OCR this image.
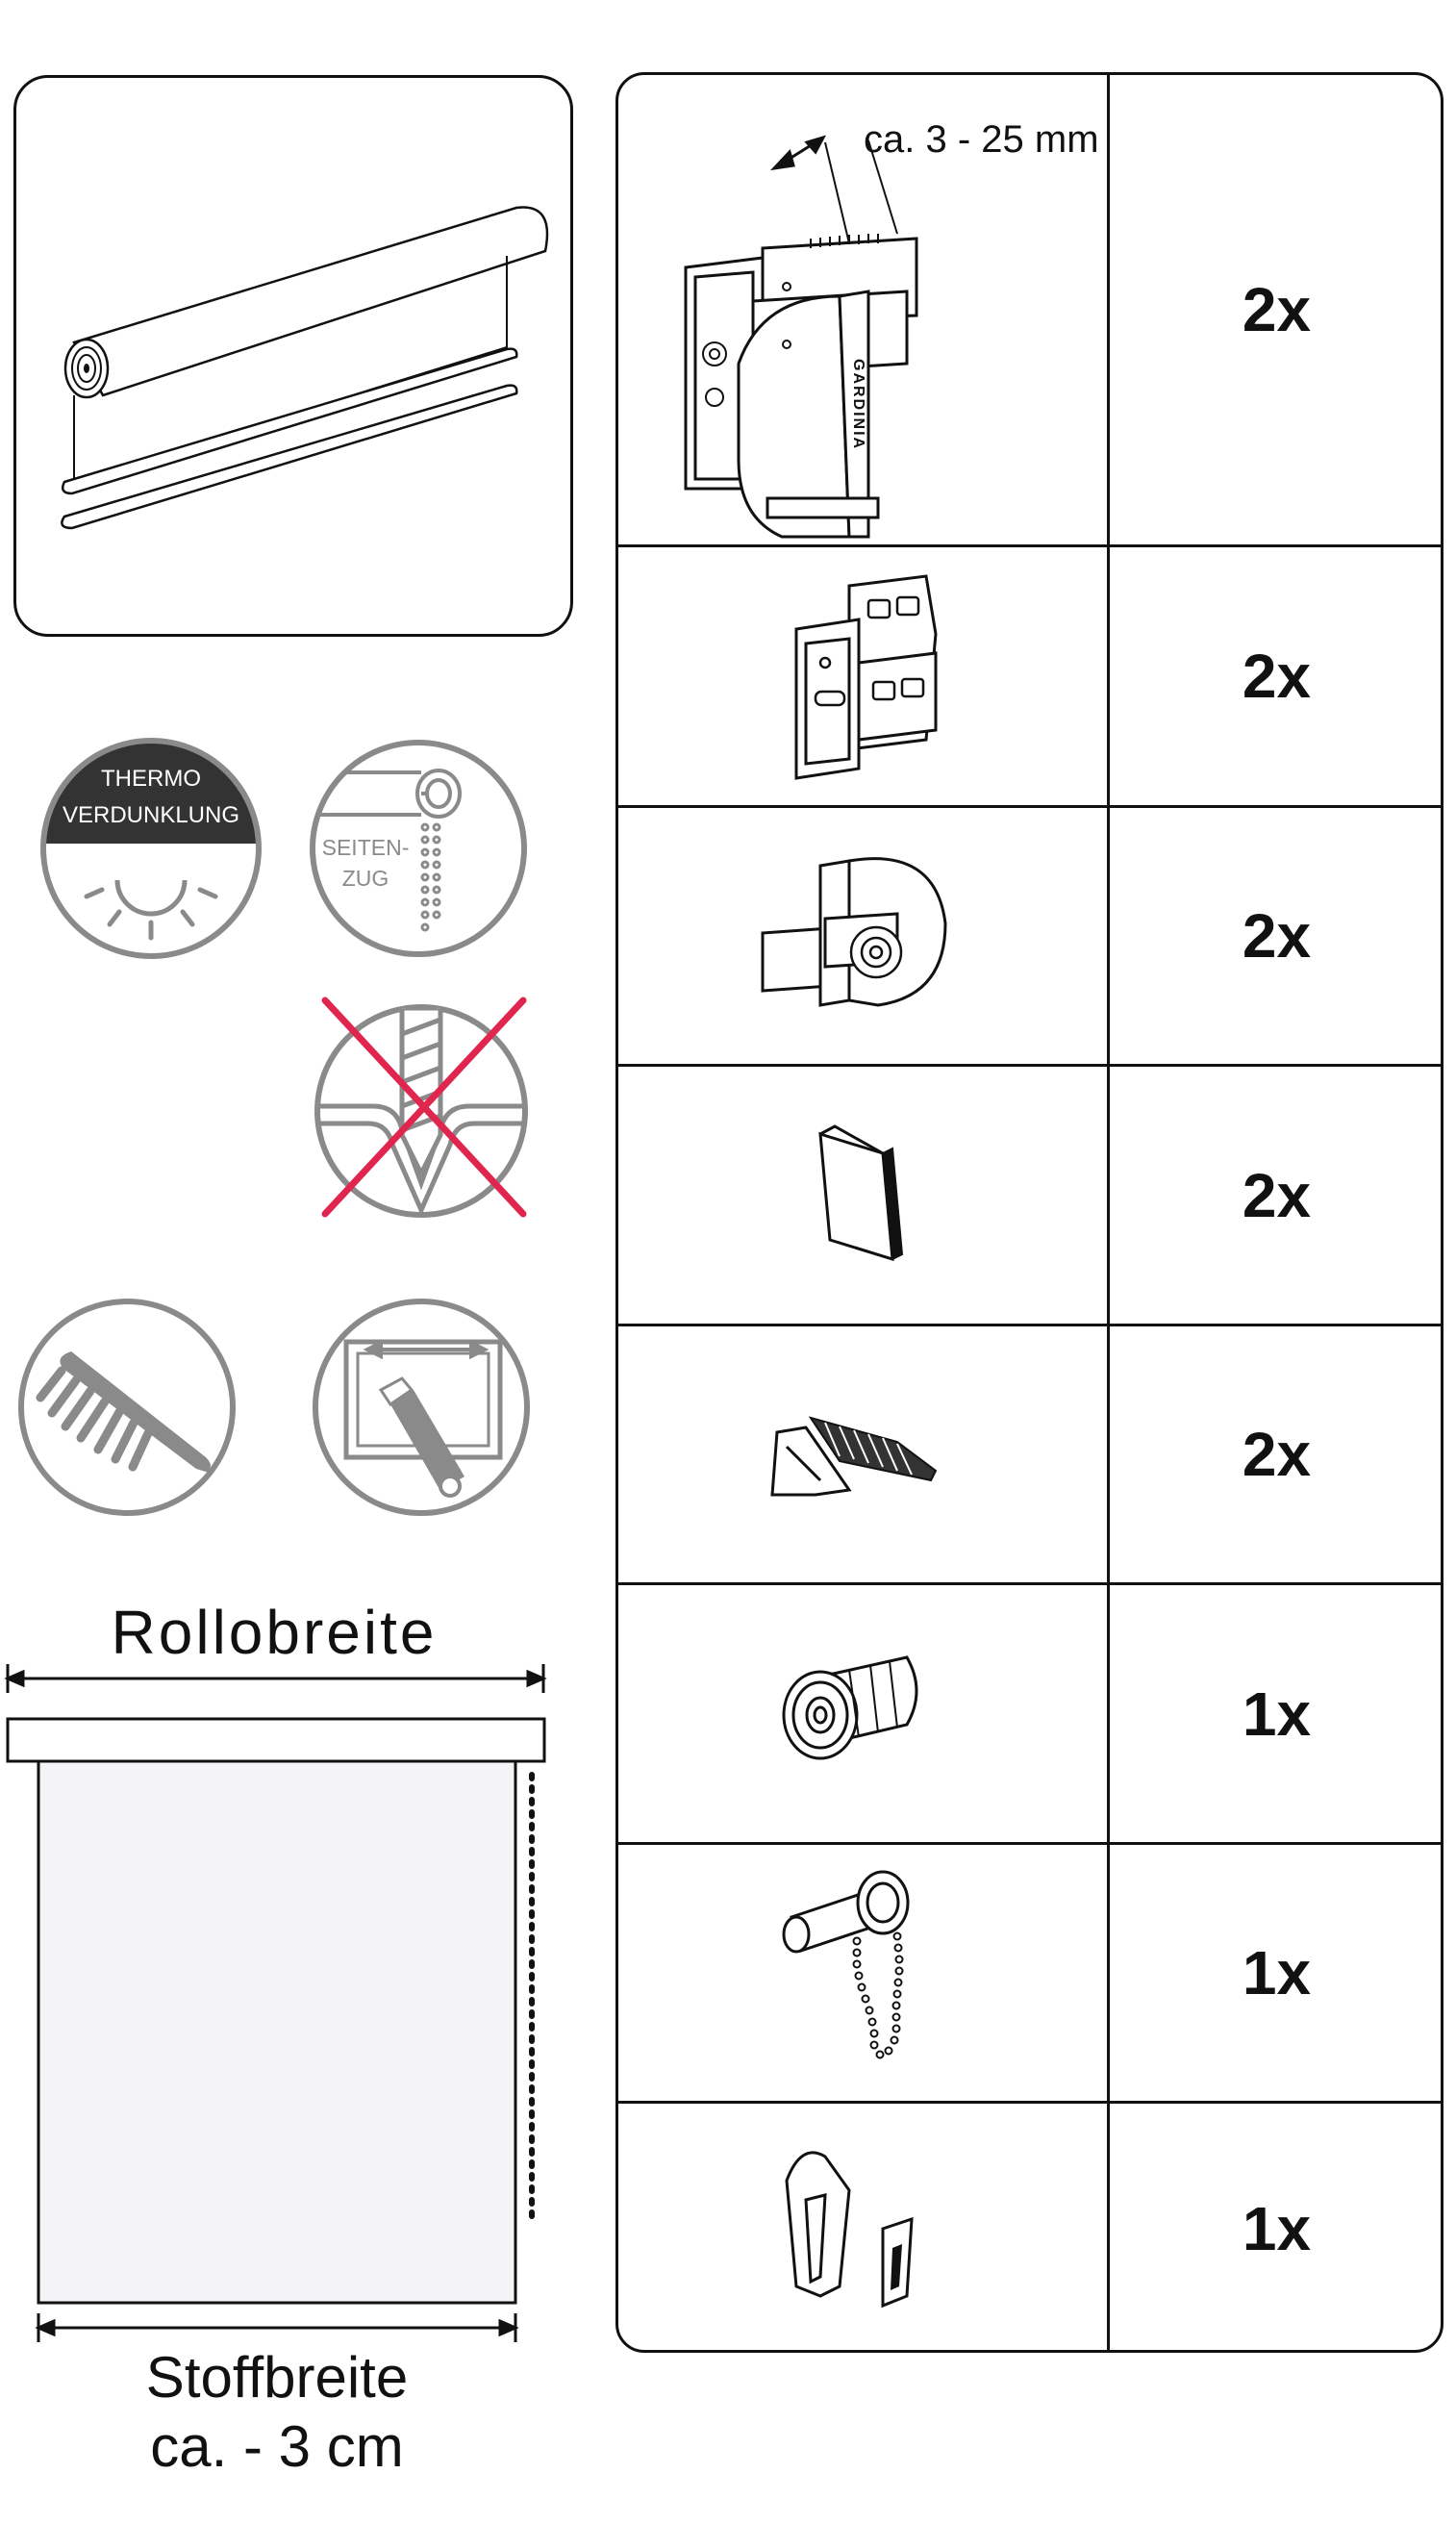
THERMO
VERDUNKLUNG
SEITEN-
ZUG
Rollobreite
Stoffbreite
ca. - 3 cm
ca. 3 - 25 mm
GARDINIA
2x
2x
2x
2x
2x
1x
1x
1x
